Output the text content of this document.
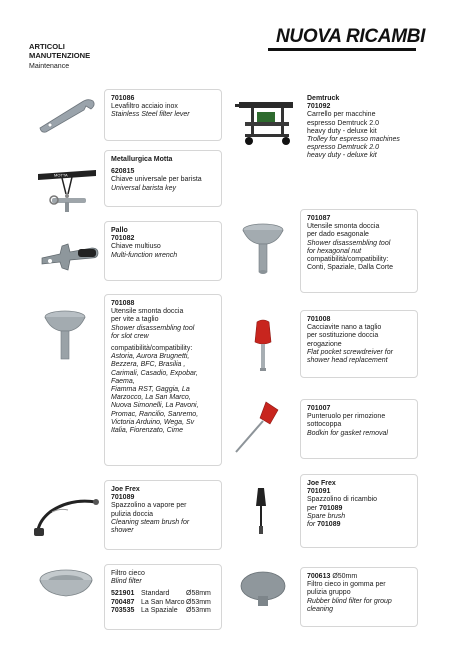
ARTICOLI
MANUTENZIONE
Maintenance
NUOVA RICAMBI
701086
Levafiltro acciaio inox
Stainless Steel filter lever
MOTTA
Metallurgica Motta
620815
Chiave universale per barista
Universal barista key
Demtruck
701092
Carrello per macchine
espresso Demtruck 2.0
heavy duty - deluxe kit
Trolley for espresso machines
espresso Demtruck 2.0
heavy duty - deluxe kit
Pallo
701082
Chiave multiuso
Multi-function wrench
701087
Utensile smonta doccia
per dado esagonale
Shower disassembling tool
for hexagonal nut
compatibilità/compatibility:
Conti, Spaziale, Dalla Corte
701088
Utensile smonta doccia
per vite a taglio
Shower disassembling tool
for slot crew
compatibilità/compatibility:
Astoria, Aurora Brugnetti,
Bezzera, BFC, Brasilia ,
Carimali, Casadio, Expobar,
Faema,
Fiamma RST, Gaggia, La
Marzocco, La San Marco,
Nuova Simonelli, La Pavoni,
Promac, Rancilio, Sanremo,
Victoria Arduino, Wega, Sv
Italia, Fiorenzato, Cime
701008
Cacciavite nano a taglio
per sostituzione doccia
erogazione
Flat pocket screwdreiver for
shower head replacement
701007
Punteruolo per rimozione
sottocoppa
Bodkin for gasket removal
Joe Frex
701089
Spazzolino a vapore per
pulizia doccia
Cleaning steam brush for
shower
Joe Frex
701091
Spazzolino di ricambio
per 701089
Spare brush
for 701089
Filtro cieco
Blind filter
521901 Standard Ø58mm
700487 La San MarcoØ53mm
703535 La Spaziale Ø53mm
700613 Ø50mm
Filtro cieco in gomma per
pulizia gruppo
Rubber blind filter for group
cleaning
